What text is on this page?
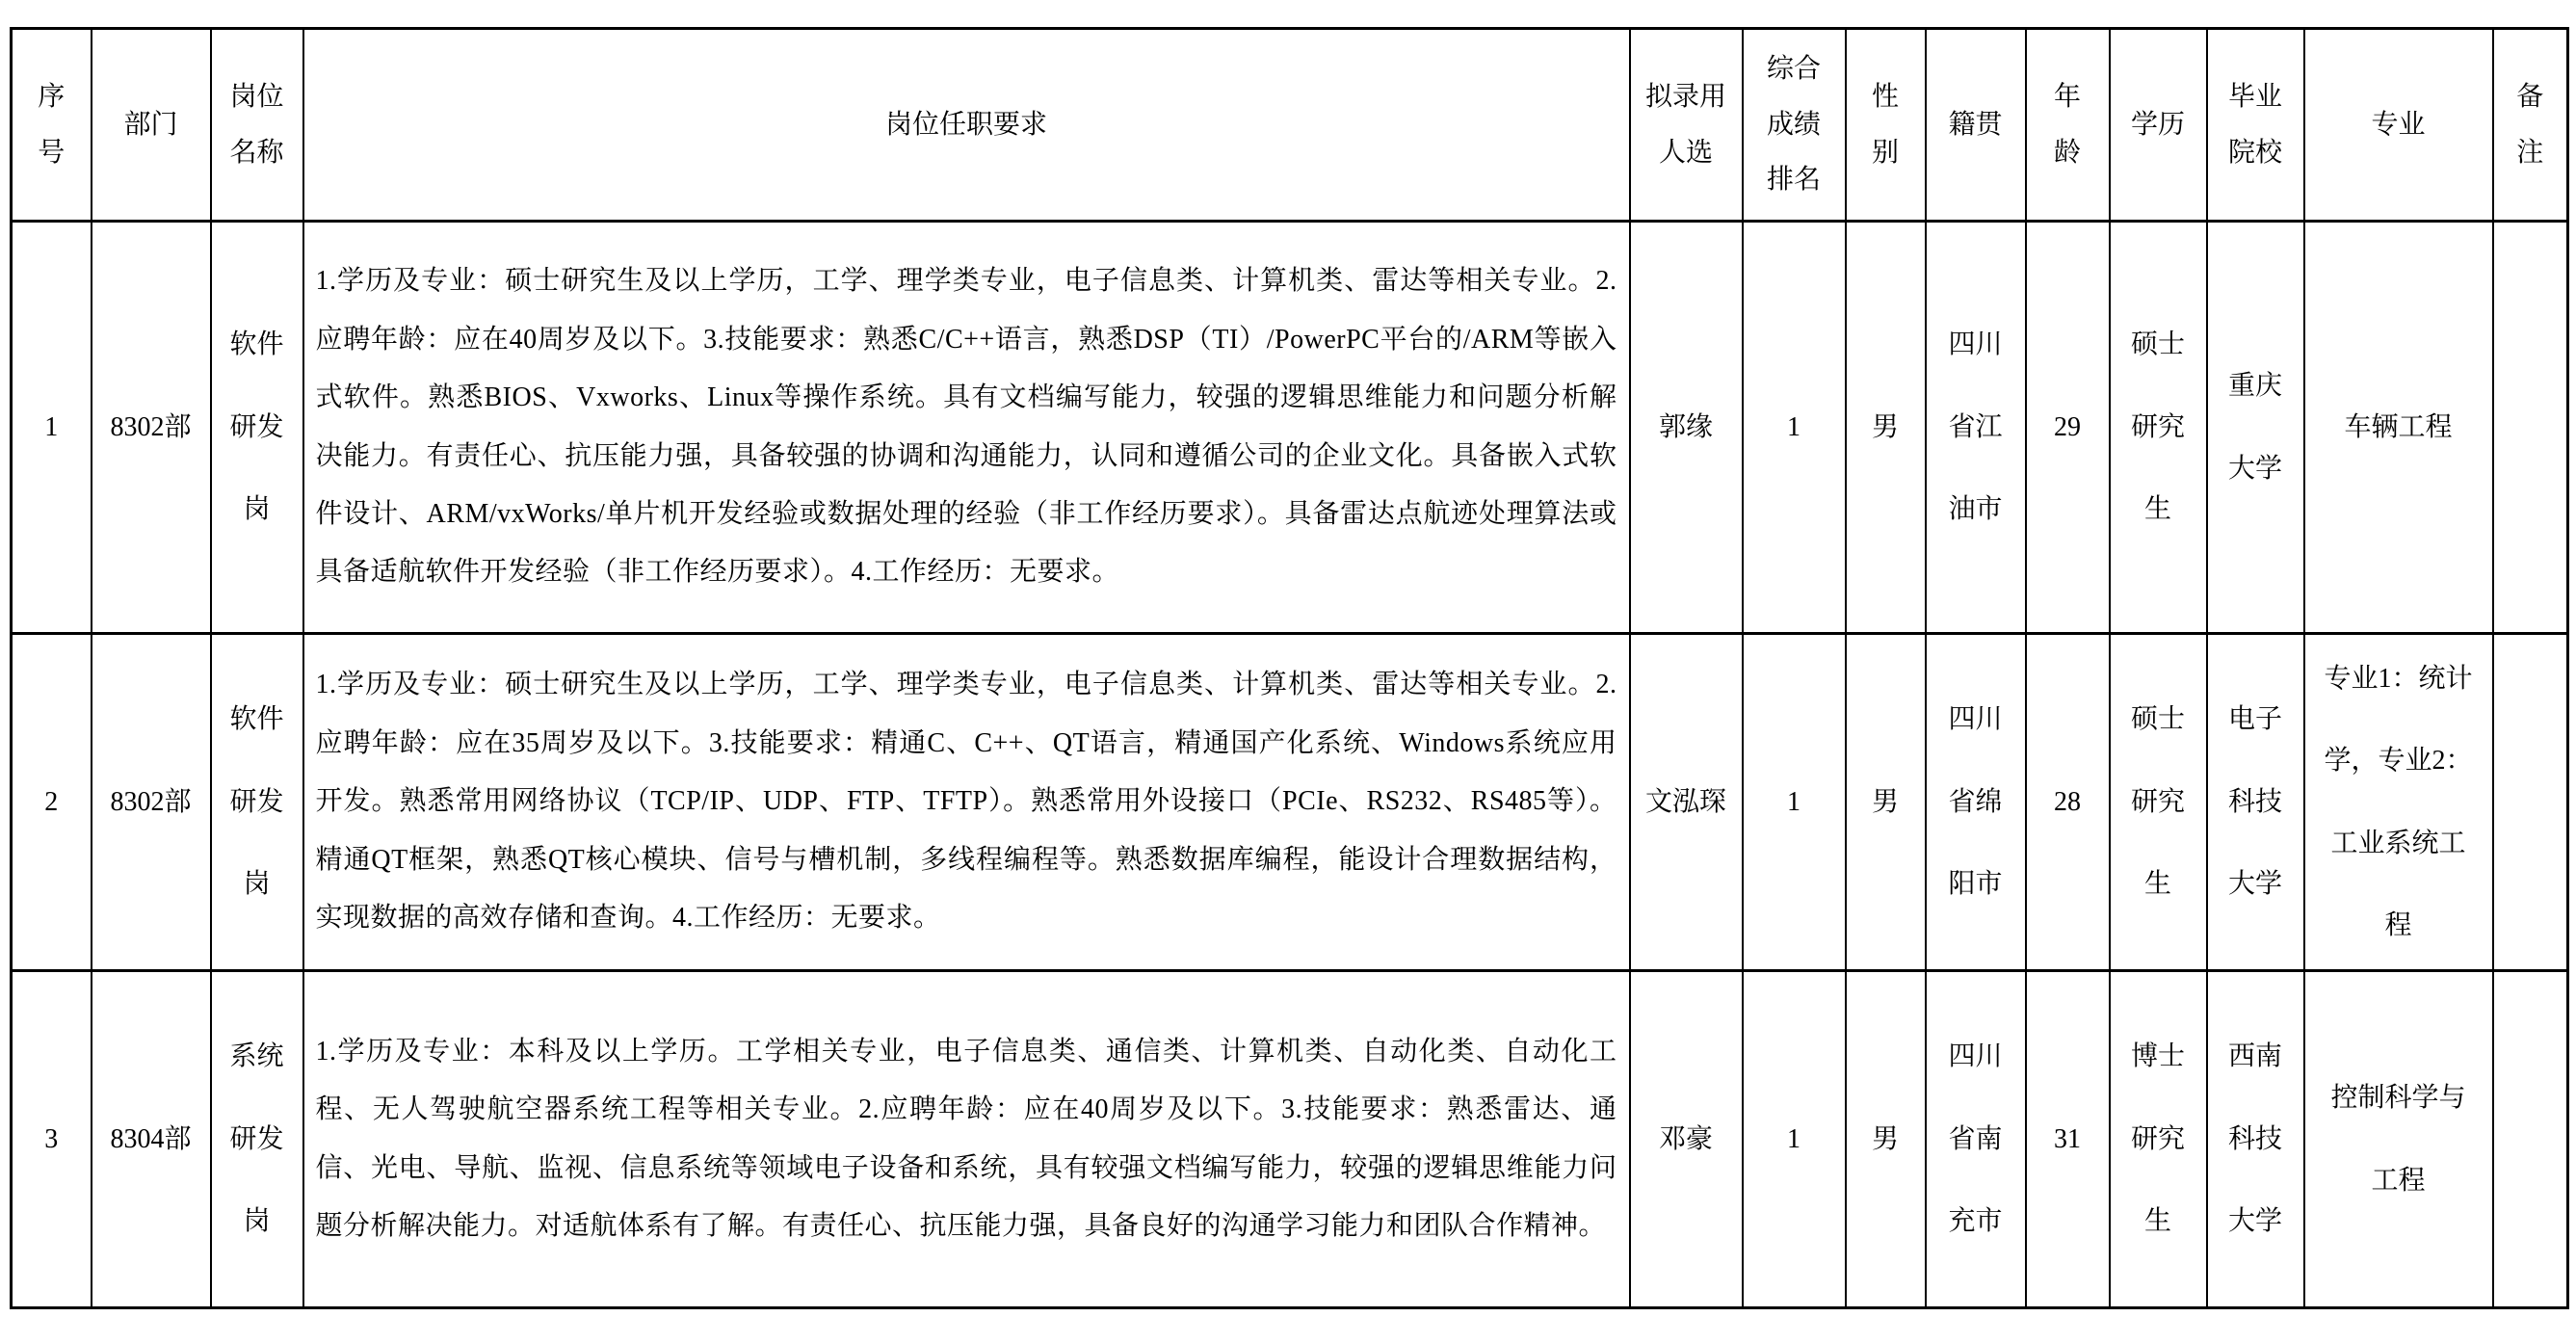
序号	部门	岗位名称	岗位任职要求	拟录用人选	综合成绩排名	性别	籍贯	年龄	学历	毕业院校	专业	备注
1	8302部	软件研发岗	1.学历及专业：硕士研究生及以上学历，工学、理学类专业，电子信息类、计算机类、雷达等相关专业。2.应聘年龄：应在40周岁及以下。3.技能要求：熟悉C/C++语言，熟悉DSP（TI）/PowerPC平台的/ARM等嵌入式软件。熟悉BIOS、Vxworks、Linux等操作系统。具有文档编写能力，较强的逻辑思维能力和问题分析解决能力。有责任心、抗压能力强，具备较强的协调和沟通能力，认同和遵循公司的企业文化。具备嵌入式软件设计、ARM/vxWorks/单片机开发经验或数据处理的经验（非工作经历要求）。具备雷达点航迹处理算法或具备适航软件开发经验（非工作经历要求）。4.工作经历：无要求。	郭缘	1	男	四川省江油市	29	硕士研究生	重庆大学	车辆工程	
2	8302部	软件研发岗	1.学历及专业：硕士研究生及以上学历，工学、理学类专业，电子信息类、计算机类、雷达等相关专业。2.应聘年龄：应在35周岁及以下。3.技能要求：精通C、C++、QT语言，精通国产化系统、Windows系统应用开发。熟悉常用网络协议（TCP/IP、UDP、FTP、TFTP）。熟悉常用外设接口（PCIe、RS232、RS485等）。精通QT框架，熟悉QT核心模块、信号与槽机制，多线程编程等。熟悉数据库编程，能设计合理数据结构，实现数据的高效存储和查询。4.工作经历：无要求。	文泓琛	1	男	四川省绵阳市	28	硕士研究生	电子科技大学	专业1：统计学，专业2：工业系统工程	
3	8304部	系统研发岗	1.学历及专业：本科及以上学历。工学相关专业，电子信息类、通信类、计算机类、自动化类、自动化工程、无人驾驶航空器系统工程等相关专业。2.应聘年龄：应在40周岁及以下。3.技能要求：熟悉雷达、通信、光电、导航、监视、信息系统等领域电子设备和系统，具有较强文档编写能力，较强的逻辑思维能力问题分析解决能力。对适航体系有了解。有责任心、抗压能力强，具备良好的沟通学习能力和团队合作精神。	邓豪	1	男	四川省南充市	31	博士研究生	西南科技大学	控制科学与工程	
